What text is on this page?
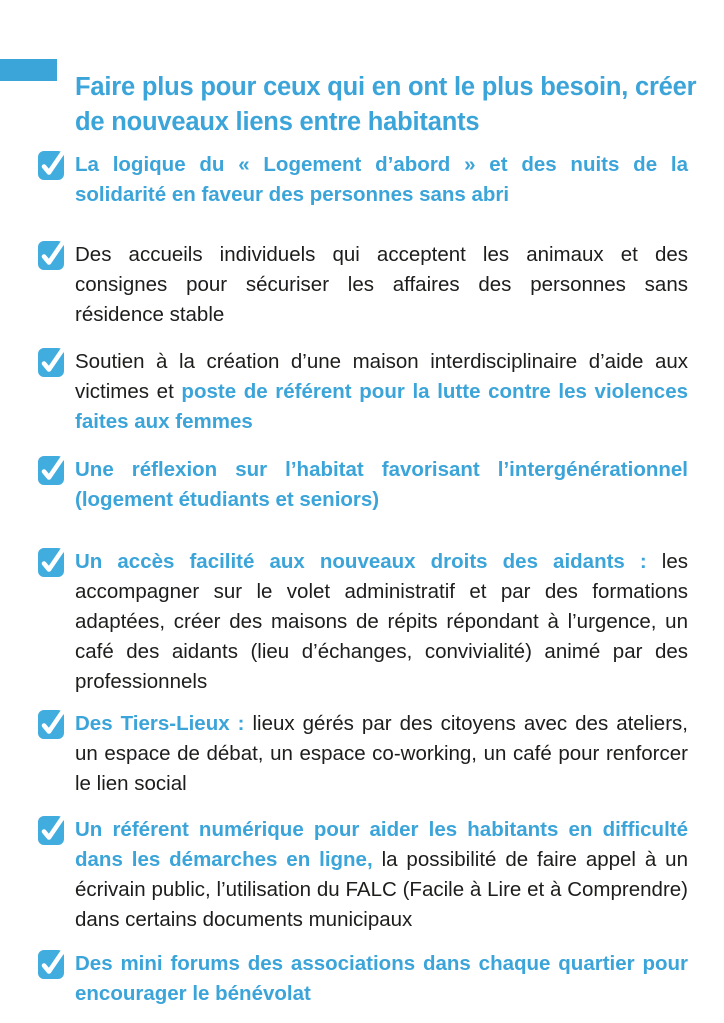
Faire plus pour ceux qui en ont le plus besoin, créer de nouveaux liens entre habitants

La logique du « Logement d’abord » et des nuits de la solidarité en faveur des personnes sans abri

Des accueils individuels qui acceptent les animaux et des consignes pour sécuriser les affaires des personnes sans résidence stable

Soutien à la création d’une maison interdisciplinaire d’aide aux victimes et poste de référent pour la lutte contre les violences faites aux femmes

Une réflexion sur l’habitat favorisant l’intergénérationnel (logement étudiants et seniors)

Un accès facilité aux nouveaux droits des aidants : les accompagner sur le volet administratif et par des formations adaptées, créer des maisons de répits répondant à l’urgence, un café des aidants (lieu d’échanges, convivialité) animé par des professionnels

Des Tiers-Lieux : lieux gérés par des citoyens avec des ateliers, un espace de débat, un espace co-working, un café pour renforcer le lien social

Un référent numérique pour aider les habitants en difficulté dans les démarches en ligne, la possibilité de faire appel à un écrivain public, l’utilisation du FALC (Facile à Lire et à Comprendre) dans certains documents municipaux

Des mini forums des associations dans chaque quartier pour encourager le bénévolat
